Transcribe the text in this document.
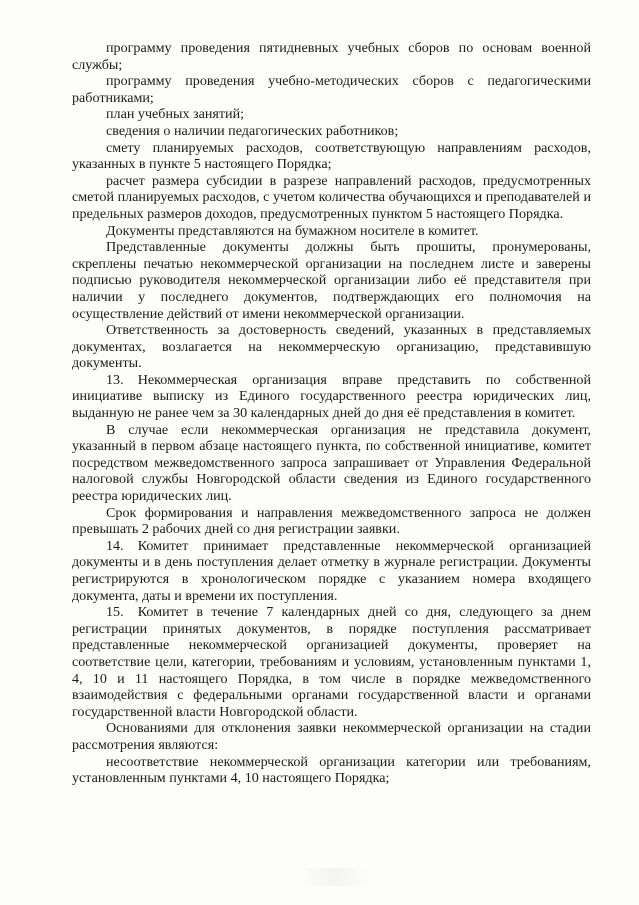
программу проведения пятидневных учебных сборов по основам военной службы;

программу проведения учебно-методических сборов с педагогическими работниками;

план учебных занятий;

сведения о наличии педагогических работников;

смету планируемых расходов, соответствующую направлениям расходов, указанных в пункте 5 настоящего Порядка;

расчет размера субсидии в разрезе направлений расходов, предусмотренных сметой планируемых расходов, с учетом количества обучающихся и преподавателей и предельных размеров доходов, предусмотренных пунктом 5 настоящего Порядка.

Документы представляются на бумажном носителе в комитет.

Представленные документы должны быть прошиты, пронумерованы, скреплены печатью некоммерческой организации на последнем листе и заверены подписью руководителя некоммерческой организации либо её представителя при наличии у последнего документов, подтверждающих его полномочия на осуществление действий от имени некоммерческой организации.

Ответственность за достоверность сведений, указанных в представляемых документах, возлагается на некоммерческую организацию, представившую документы.

13. Некоммерческая организация вправе представить по собственной инициативе выписку из Единого государственного реестра юридических лиц, выданную не ранее чем за 30 календарных дней до дня её представления в комитет.

В случае если некоммерческая организация не представила документ, указанный в первом абзаце настоящего пункта, по собственной инициативе, комитет посредством межведомственного запроса запрашивает от Управления Федеральной налоговой службы Новгородской области сведения из Единого государственного реестра юридических лиц.

Срок формирования и направления межведомственного запроса не должен превышать 2 рабочих дней со дня регистрации заявки.

14. Комитет принимает представленные некоммерческой организацией документы и в день поступления делает отметку в журнале регистрации. Документы регистрируются в хронологическом порядке с указанием номера входящего документа, даты и времени их поступления.

15. Комитет в течение 7 календарных дней со дня, следующего за днем регистрации принятых документов, в порядке поступления рассматривает представленные некоммерческой организацией документы, проверяет на соответствие цели, категории, требованиям и условиям, установленным пунктами 1, 4, 10 и 11 настоящего Порядка, в том числе в порядке межведомственного взаимодействия с федеральными органами государственной власти и органами государственной власти Новгородской области.

Основаниями для отклонения заявки некоммерческой организации на стадии рассмотрения являются:

несоответствие некоммерческой организации категории или требованиям, установленным пунктами 4, 10 настоящего Порядка;
